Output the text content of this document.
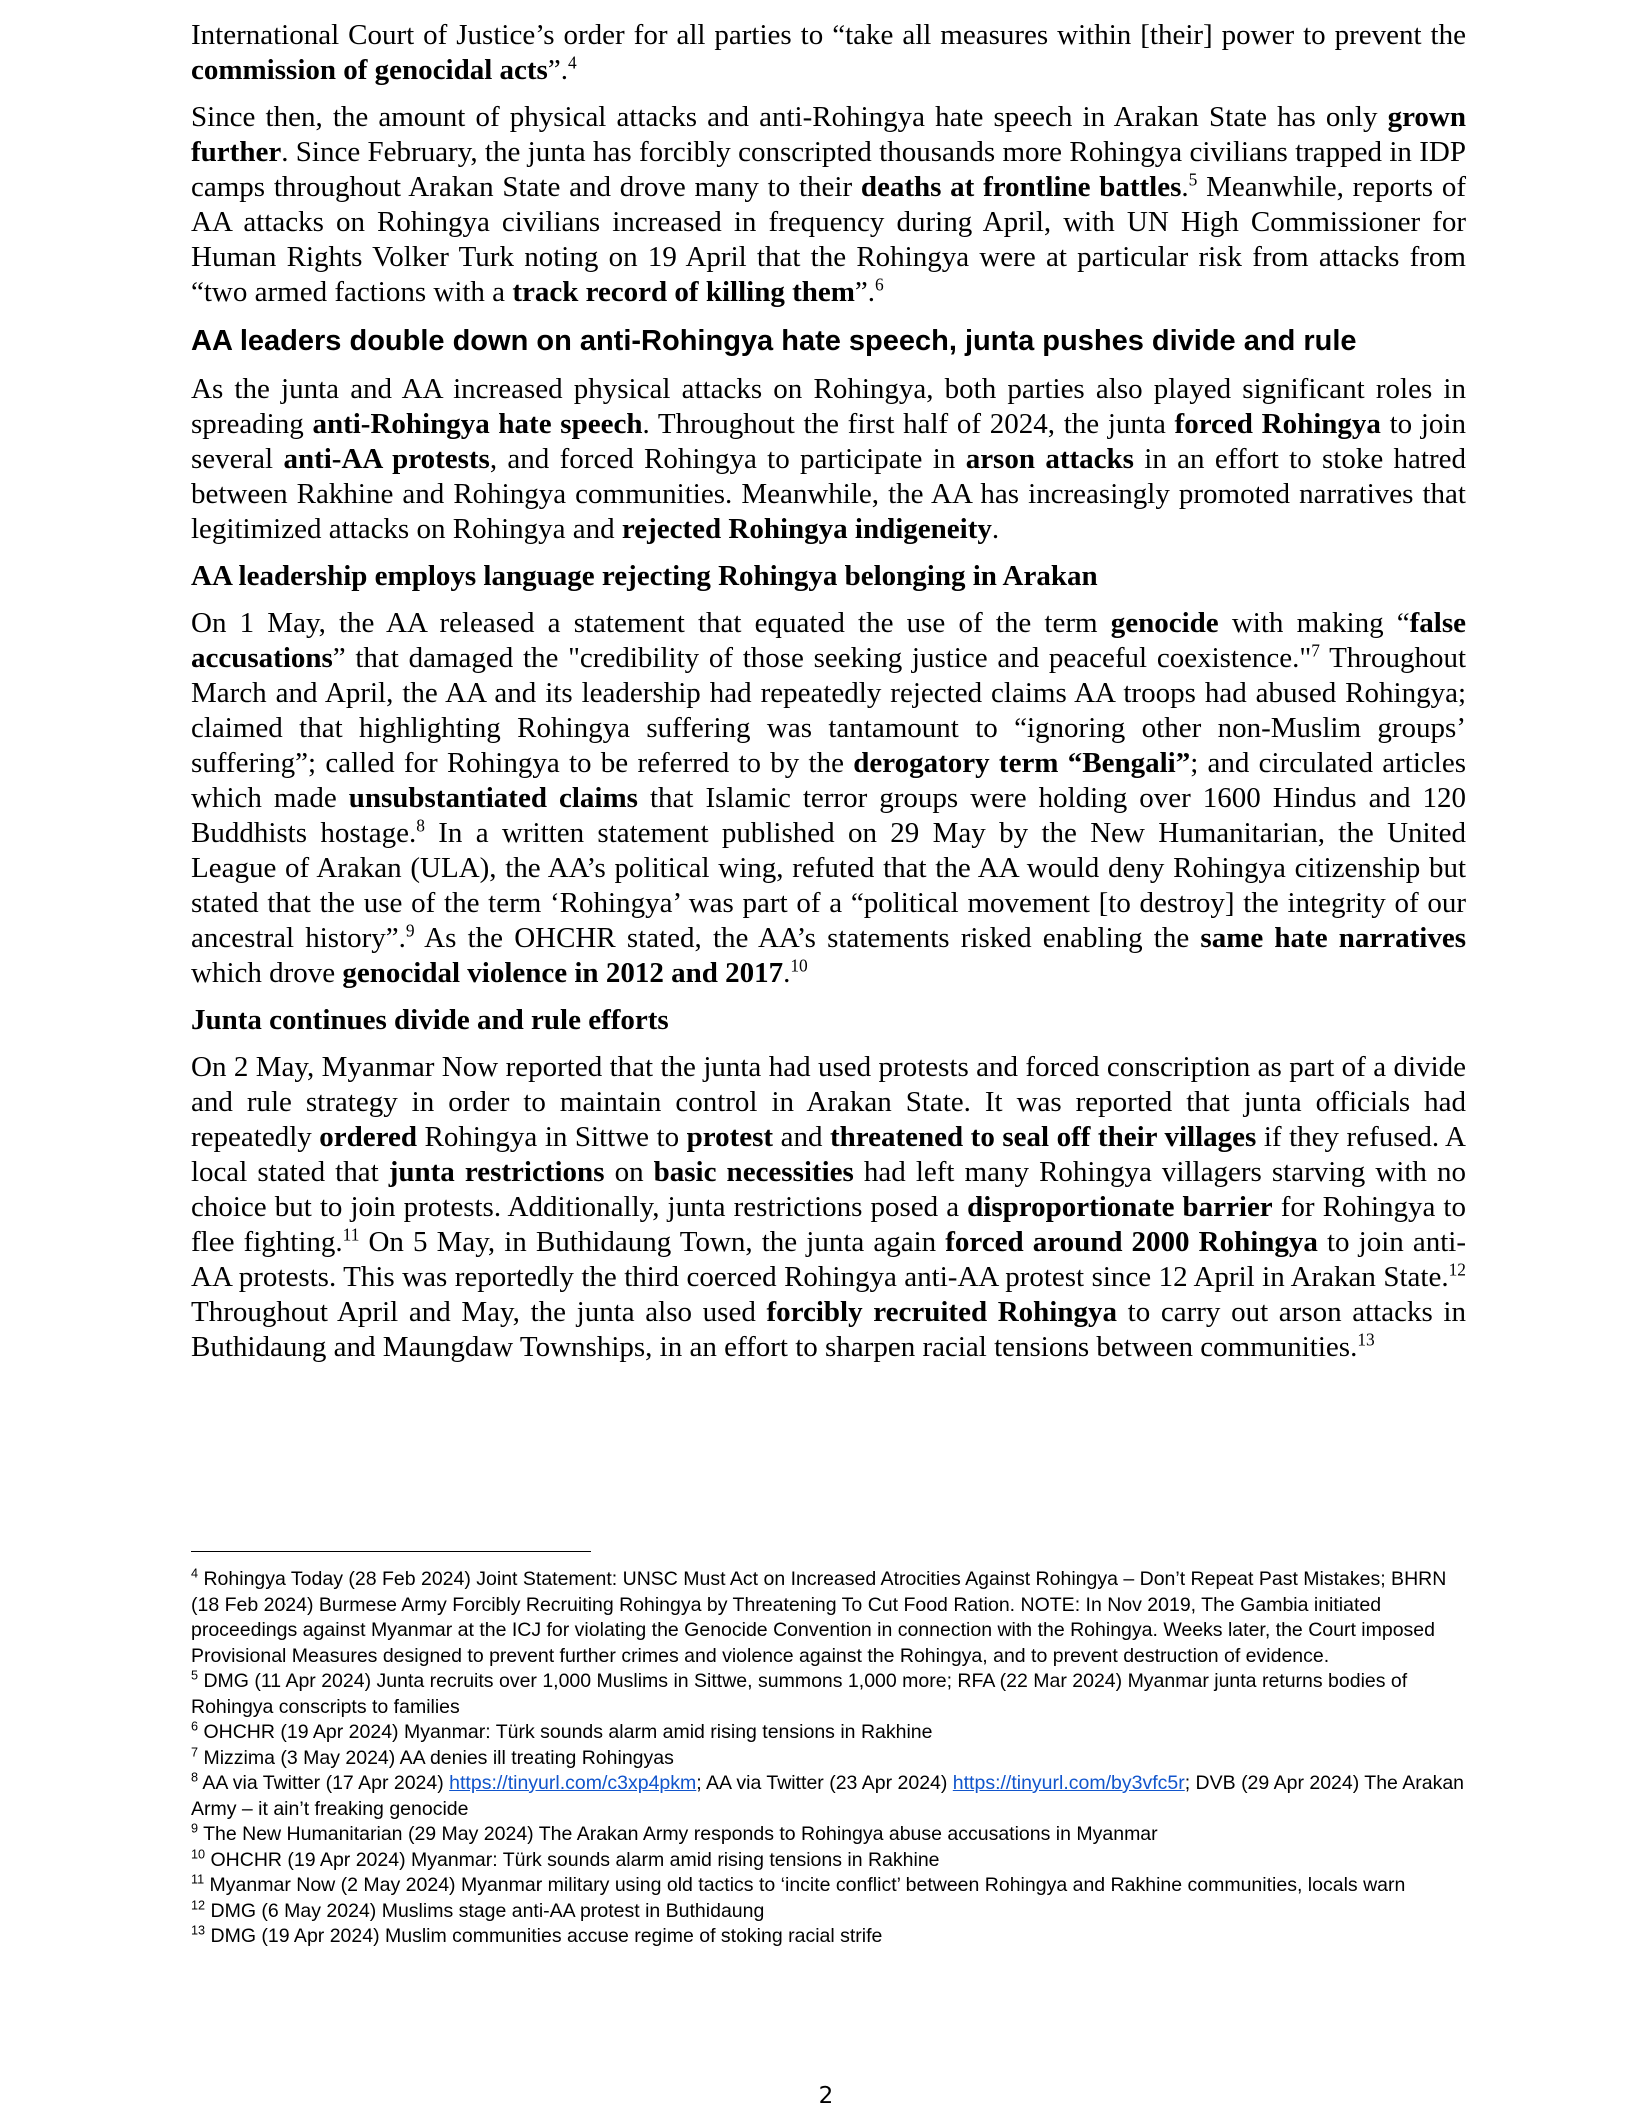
International Court of Justice’s order for all parties to “take all measures within [their] power to prevent the commission of genocidal acts”.$^4$

Since then, the amount of physical attacks and anti-Rohingya hate speech in Arakan State has only grown further. Since February, the junta has forcibly conscripted thousands more Rohingya civilians trapped in IDP camps throughout Arakan State and drove many to their deaths at frontline battles.$^5$ Meanwhile, reports of AA attacks on Rohingya civilians increased in frequency during April, with UN High Commissioner for Human Rights Volker Turk noting on 19 April that the Rohingya were at particular risk from attacks from “two armed factions with a track record of killing them”.$^6$

AA leaders double down on anti-Rohingya hate speech, junta pushes divide and rule

As the junta and AA increased physical attacks on Rohingya, both parties also played significant roles in spreading anti-Rohingya hate speech. Throughout the first half of 2024, the junta forced Rohingya to join several anti-AA protests, and forced Rohingya to participate in arson attacks in an effort to stoke hatred between Rakhine and Rohingya communities. Meanwhile, the AA has increasingly promoted narratives that legitimized attacks on Rohingya and rejected Rohingya indigeneity.

AA leadership employs language rejecting Rohingya belonging in Arakan

On 1 May, the AA released a statement that equated the use of the term genocide with making “false accusations” that damaged the "credibility of those seeking justice and peaceful coexistence."$^7$ Throughout March and April, the AA and its leadership had repeatedly rejected claims AA troops had abused Rohingya; claimed that highlighting Rohingya suffering was tantamount to “ignoring other non-Muslim groups’ suffering”; called for Rohingya to be referred to by the derogatory term “Bengali”; and circulated articles which made unsubstantiated claims that Islamic terror groups were holding over 1600 Hindus and 120 Buddhists hostage.$^8$ In a written statement published on 29 May by the New Humanitarian, the United League of Arakan (ULA), the AA’s political wing, refuted that the AA would deny Rohingya citizenship but stated that the use of the term ‘Rohingya’ was part of a “political movement [to destroy] the integrity of our ancestral history”.$^9$ As the OHCHR stated, the AA’s statements risked enabling the same hate narratives which drove genocidal violence in 2012 and 2017.10

Junta continues divide and rule efforts

On 2 May, Myanmar Now reported that the junta had used protests and forced conscription as part of a divide and rule strategy in order to maintain control in Arakan State. It was reported that junta officials had repeatedly ordered Rohingya in Sittwe to protest and threatened to seal off their villages if they refused. A local stated that junta restrictions on basic necessities had left many Rohingya villagers starving with no choice but to join protests. Additionally, junta restrictions posed a disproportionate barrier for Rohingya to flee fighting.$^{11}$ On 5 May, in Buthidaung Town, the junta again forced around 2000 Rohingya to join anti-AA protests. This was reportedly the third coerced Rohingya anti-AA protest since 12 April in Arakan State.$^{12}$ Throughout April and May, the junta also used forcibly recruited Rohingya to carry out arson attacks in Buthidaung and Maungdaw Townships, in an effort to sharpen racial tensions between communities.$^{13}$

$^4$ Rohingya Today (28 Feb 2024) Joint Statement: UNSC Must Act on Increased Atrocities Against Rohingya – Don’t Repeat Past Mistakes; BHRN (18 Feb 2024) Burmese Army Forcibly Recruiting Rohingya by Threatening To Cut Food Ration. NOTE: In Nov 2019, The Gambia initiated proceedings against Myanmar at the ICJ for violating the Genocide Convention in connection with the Rohingya. Weeks later, the Court imposed Provisional Measures designed to prevent further crimes and violence against the Rohingya, and to prevent destruction of evidence.

$^5$ DMG (11 Apr 2024) Junta recruits over 1,000 Muslims in Sittwe, summons 1,000 more; RFA (22 Mar 2024) Myanmar junta returns bodies of Rohingya conscripts to families

$^6$ OHCHR (19 Apr 2024) Myanmar: Türk sounds alarm amid rising tensions in Rakhine

$^7$ Mizzima (3 May 2024) AA denies ill treating Rohingyas

$^8$ AA via Twitter (17 Apr 2024) https://tinyurl.com/c3xp4pkm; AA via Twitter (23 Apr 2024) https://tinyurl.com/by3vfc5r; DVB (29 Apr 2024) The Arakan Army – it ain’t freaking genocide

$^9$ The New Humanitarian (29 May 2024) The Arakan Army responds to Rohingya abuse accusations in Myanmar

$^{10}$ OHCHR (19 Apr 2024) Myanmar: Türk sounds alarm amid rising tensions in Rakhine

$^{11}$ Myanmar Now (2 May 2024) Myanmar military using old tactics to ‘incite conflict’ between Rohingya and Rakhine communities, locals warn

$^{12}$ DMG (6 May 2024) Muslims stage anti-AA protest in Buthidaung

$^{13}$ DMG (19 Apr 2024) Muslim communities accuse regime of stoking racial strife

2
